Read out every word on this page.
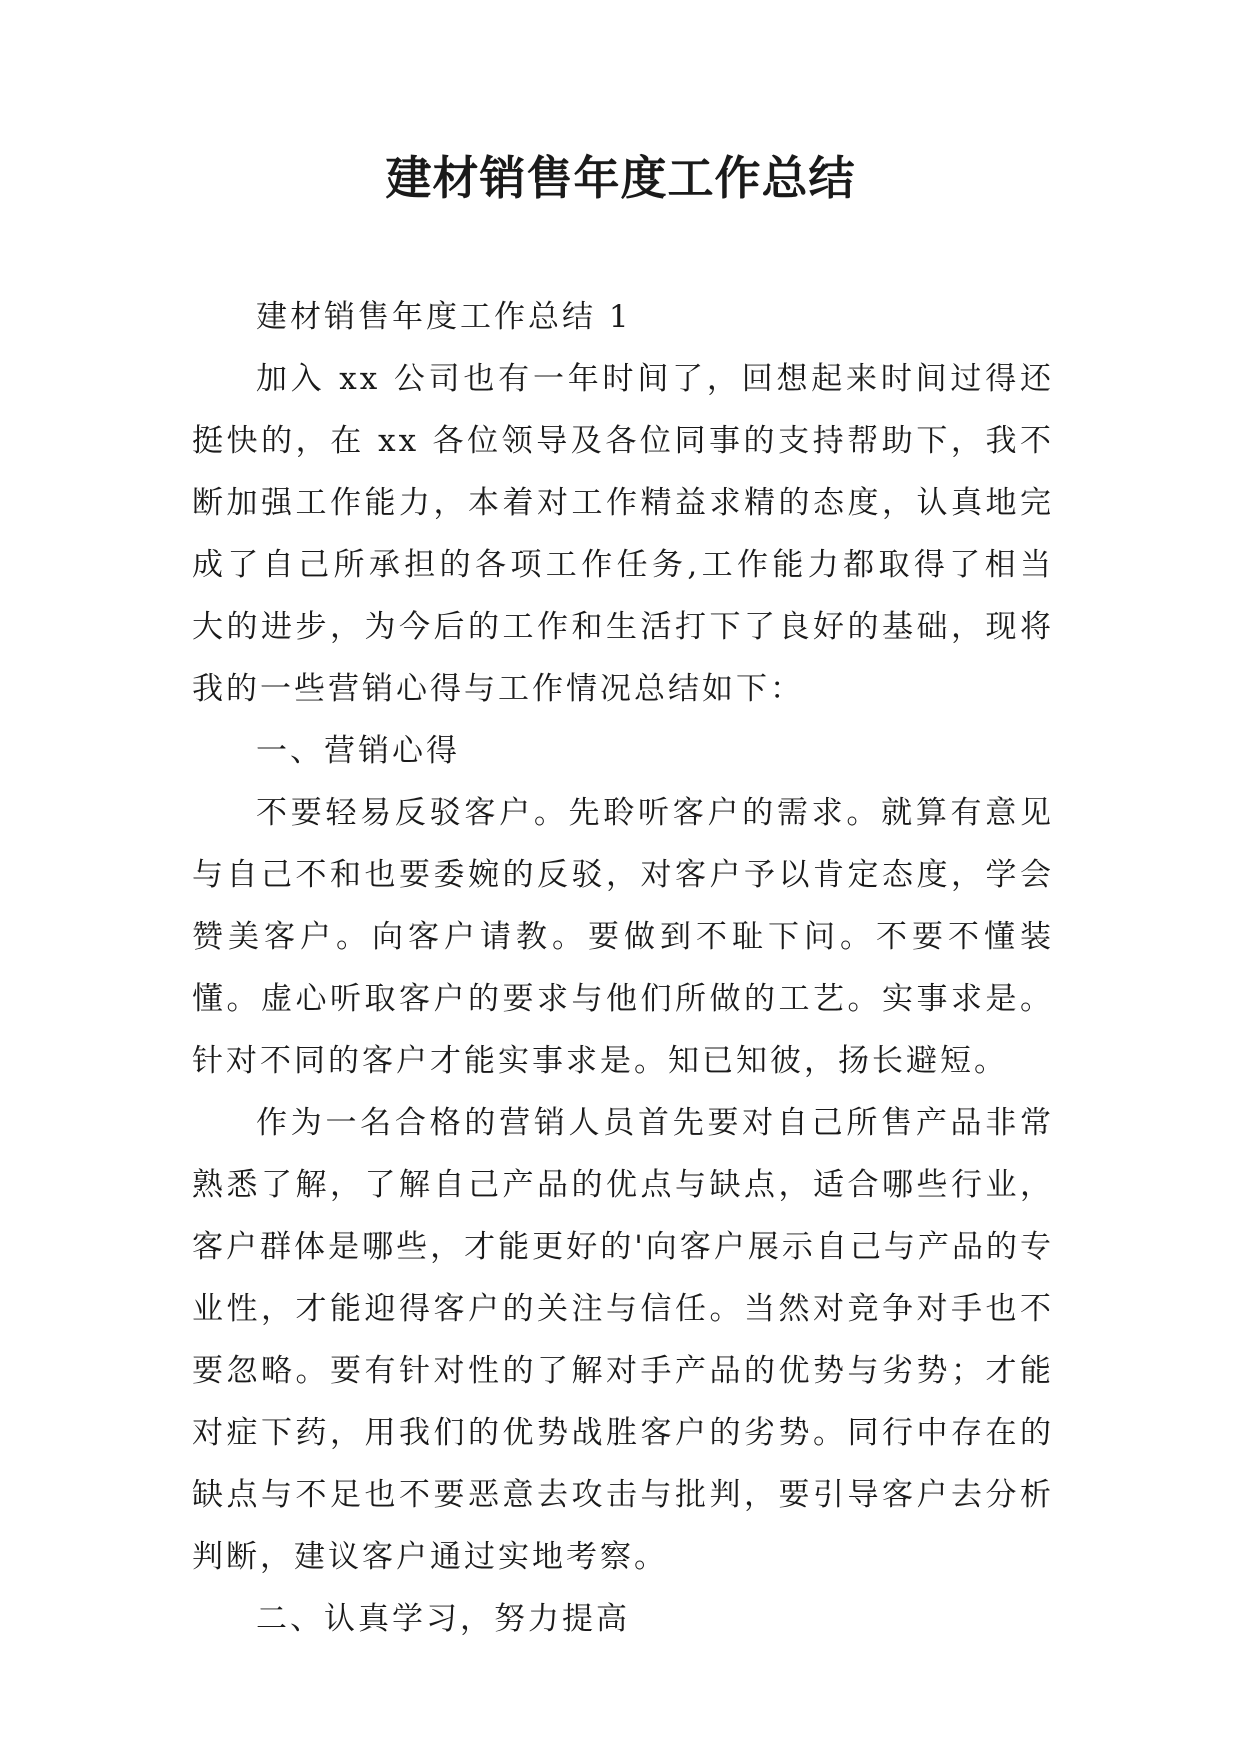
建材销售年度工作总结

建材销售年度工作总结 1

加入 xx 公司也有一年时间了，回想起来时间过得还挺快的，在 xx 各位领导及各位同事的支持帮助下，我不断加强工作能力，本着对工作精益求精的态度，认真地完成了自己所承担的各项工作任务,工作能力都取得了相当大的进步，为今后的工作和生活打下了良好的基础，现将我的一些营销心得与工作情况总结如下：

一、营销心得

不要轻易反驳客户。先聆听客户的需求。就算有意见与自己不和也要委婉的反驳，对客户予以肯定态度，学会赞美客户。向客户请教。要做到不耻下问。不要不懂装懂。虚心听取客户的要求与他们所做的工艺。实事求是。针对不同的客户才能实事求是。知已知彼，扬长避短。

作为一名合格的营销人员首先要对自己所售产品非常熟悉了解，了解自己产品的优点与缺点，适合哪些行业，客户群体是哪些，才能更好的'向客户展示自己与产品的专业性，才能迎得客户的关注与信任。当然对竞争对手也不要忽略。要有针对性的了解对手产品的优势与劣势；才能对症下药，用我们的优势战胜客户的劣势。同行中存在的缺点与不足也不要恶意去攻击与批判，要引导客户去分析判断，建议客户通过实地考察。

二、认真学习，努力提高
